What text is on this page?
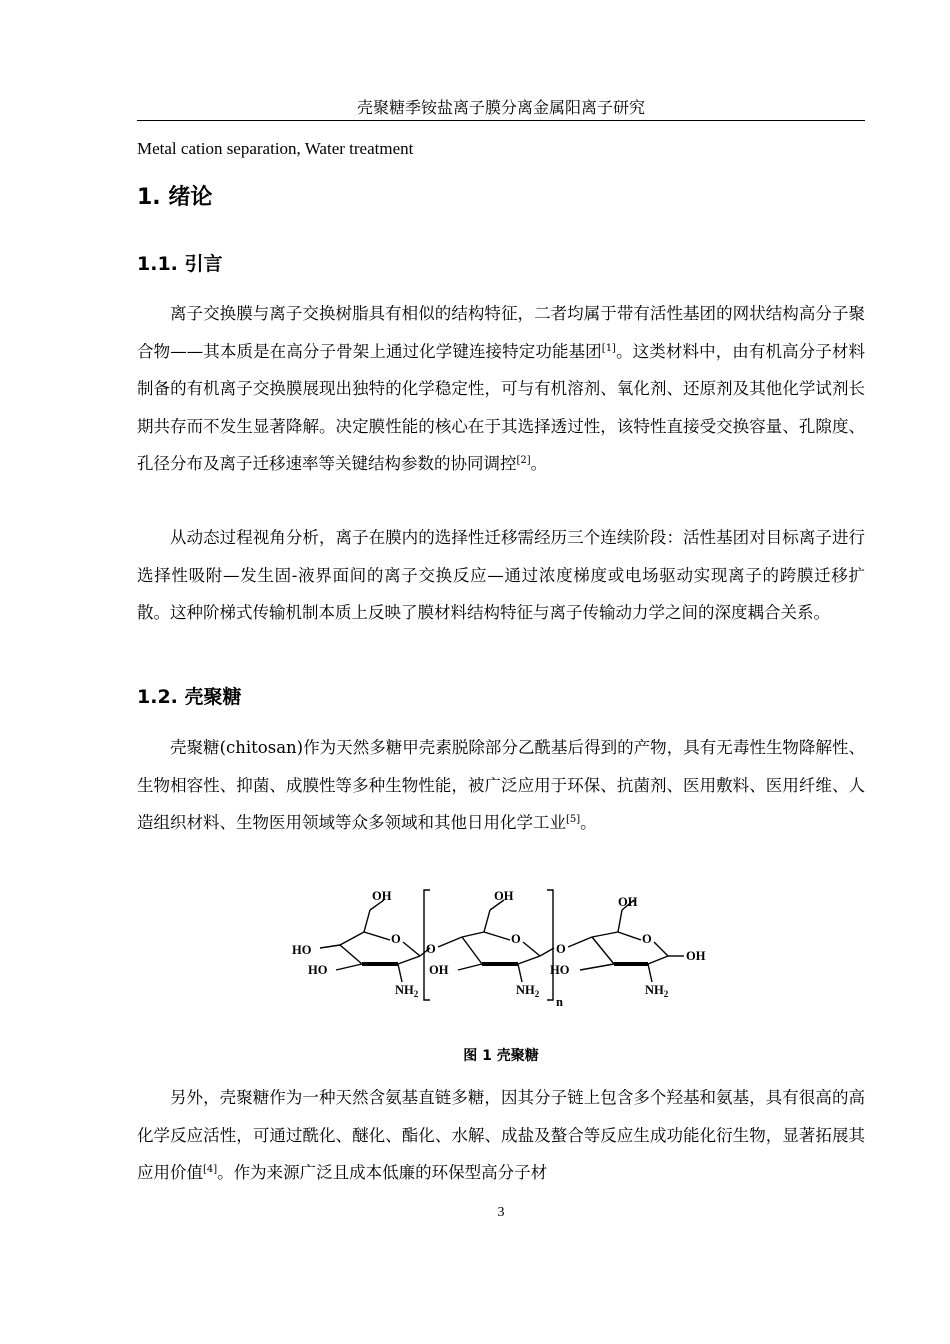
壳聚糖季铵盐离子膜分离金属阳离子研究
Metal cation separation, Water treatment
1. 绪论
1.1. 引言

离子交换膜与离子交换树脂具有相似的结构特征，二者均属于带有活性基团的网状结构高分子聚合物——其本质是在高分子骨架上通过化学键连接特定功能基团[1]。这类材料中，由有机高分子材料制备的有机离子交换膜展现出独特的化学稳定性，可与有机溶剂、氧化剂、还原剂及其他化学试剂长期共存而不发生显著降解。决定膜性能的核心在于其选择透过性，该特性直接受交换容量、孔隙度、孔径分布及离子迁移速率等关键结构参数的协同调控[2]。

从动态过程视角分析，离子在膜内的选择性迁移需经历三个连续阶段：活性基团对目标离子进行选择性吸附—发生固-液界面间的离子交换反应—通过浓度梯度或电场驱动实现离子的跨膜迁移扩散。这种阶梯式传输机制本质上反映了膜材料结构特征与离子传输动力学之间的深度耦合关系。

1.2. 壳聚糖

壳聚糖(chitosan)作为天然多糖甲壳素脱除部分乙酰基后得到的产物，具有无毒性生物降解性、生物相容性、抑菌、成膜性等多种生物性能，被广泛应用于环保、抗菌剂、医用敷料、医用纤维、人造组织材料、生物医用领域等众多领域和其他日用化学工业[5]。

OH
HO
HO
O
$NH_2$
O
n
OH
OH
O
$NH_2$
O
OH
HO
O
OH
$NH_2$
图 1 壳聚糖

另外，壳聚糖作为一种天然含氨基直链多糖，因其分子链上包含多个羟基和氨基，具有很高的高化学反应活性，可通过酰化、醚化、酯化、水解、成盐及螯合等反应生成功能化衍生物，显著拓展其应用价值[4]。作为来源广泛且成本低廉的环保型高分子材

3
